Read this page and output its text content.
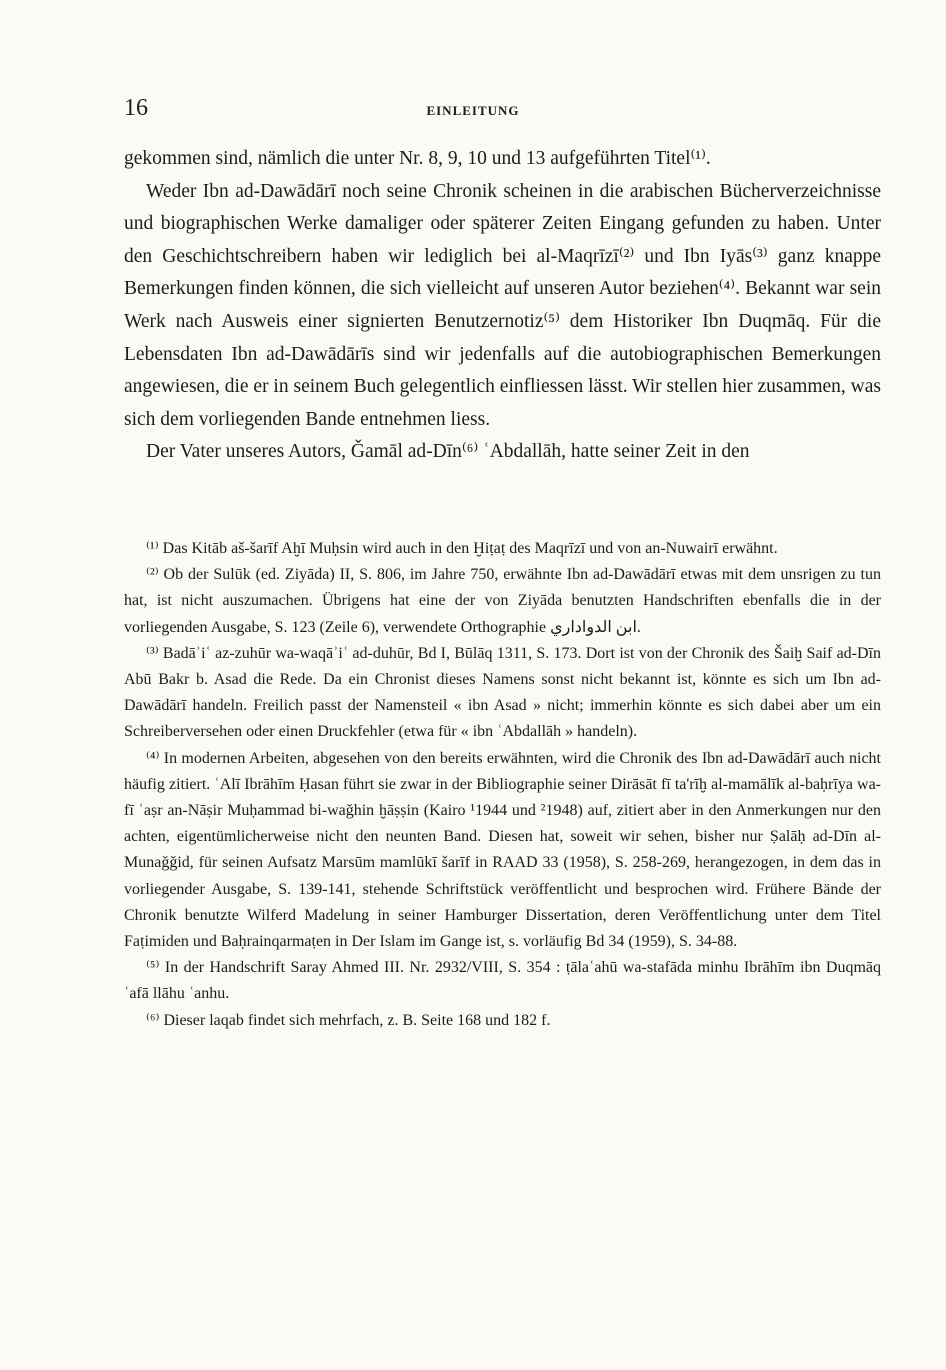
16	EINLEITUNG

gekommen sind, nämlich die unter Nr. 8, 9, 10 und 13 aufgeführten Titel⁽¹⁾.

Weder Ibn ad-Dawādārī noch seine Chronik scheinen in die arabischen Bücherverzeichnisse und biographischen Werke damaliger oder späterer Zeiten Eingang gefunden zu haben. Unter den Geschichtschreibern haben wir lediglich bei al-Maqrīzī⁽²⁾ und Ibn Iyās⁽³⁾ ganz knappe Bemerkungen finden können, die sich vielleicht auf unseren Autor beziehen⁽⁴⁾. Bekannt war sein Werk nach Ausweis einer signierten Benutzernotiz⁽⁵⁾ dem Historiker Ibn Duqmāq. Für die Lebensdaten Ibn ad-Dawādārīs sind wir jedenfalls auf die autobiographischen Bemerkungen angewiesen, die er in seinem Buch gelegentlich einfliessen lässt. Wir stellen hier zusammen, was sich dem vorliegenden Bande entnehmen liess.

Der Vater unseres Autors, Ǧamāl ad-Dīn⁽⁶⁾ ʿAbdallāh, hatte seiner Zeit in den

⁽¹⁾ Das Kitāb aš-šarīf Aḫī Muḥsin wird auch in den Ḫiṭaṭ des Maqrīzī und von an-Nuwairī erwähnt.

⁽²⁾ Ob der Sulūk (ed. Ziyāda) II, S. 806, im Jahre 750, erwähnte Ibn ad-Dawādārī etwas mit dem unsrigen zu tun hat, ist nicht auszumachen. Übrigens hat eine der von Ziyāda benutzten Handschriften ebenfalls die in der vorliegenden Ausgabe, S. 123 (Zeile 6), verwendete Orthographie ابن الدواداري.

⁽³⁾ Badāʾiʿ az-zuhūr wa-waqāʾiʿ ad-duhūr, Bd I, Būlāq 1311, S. 173. Dort ist von der Chronik des Šaiḫ Saif ad-Dīn Abū Bakr b. Asad die Rede. Da ein Chronist dieses Namens sonst nicht bekannt ist, könnte es sich um Ibn ad-Dawādārī handeln. Freilich passt der Namensteil « ibn Asad » nicht; immerhin könnte es sich dabei aber um ein Schreiberversehen oder einen Druckfehler (etwa für « ibn ʿAbdallāh » handeln).

⁽⁴⁾ In modernen Arbeiten, abgesehen von den bereits erwähnten, wird die Chronik des Ibn ad-Dawādārī auch nicht häufig zitiert. ʿAlī Ibrāhīm Ḥasan führt sie zwar in der Bibliographie seiner Dirāsāt fī ta'rīḫ al-mamālīk al-baḥrīya wa-fī ʿaṣr an-Nāṣir Muḥammad bi-waǧhin ḫāṣṣin (Kairo ¹1944 und ²1948) auf, zitiert aber in den Anmerkungen nur den achten, eigentümlicherweise nicht den neunten Band. Diesen hat, soweit wir sehen, bisher nur Ṣalāḥ ad-Dīn al-Munaǧǧid, für seinen Aufsatz Marsūm mamlūkī šarīf in RAAD 33 (1958), S. 258-269, herangezogen, in dem das in vorliegender Ausgabe, S. 139-141, stehende Schriftstück veröffentlicht und besprochen wird. Frühere Bände der Chronik benutzte Wilferd Madelung in seiner Hamburger Dissertation, deren Veröffentlichung unter dem Titel Faṭimiden und Baḥrainqarmaṭen in Der Islam im Gange ist, s. vorläufig Bd 34 (1959), S. 34-88.

⁽⁵⁾ In der Handschrift Saray Ahmed III. Nr. 2932/VIII, S. 354 : ṭālaʿahū wa-stafāda minhu Ibrāhīm ibn Duqmāq ʿafā llāhu ʿanhu.

⁽⁶⁾ Dieser laqab findet sich mehrfach, z. B. Seite 168 und 182 f.
